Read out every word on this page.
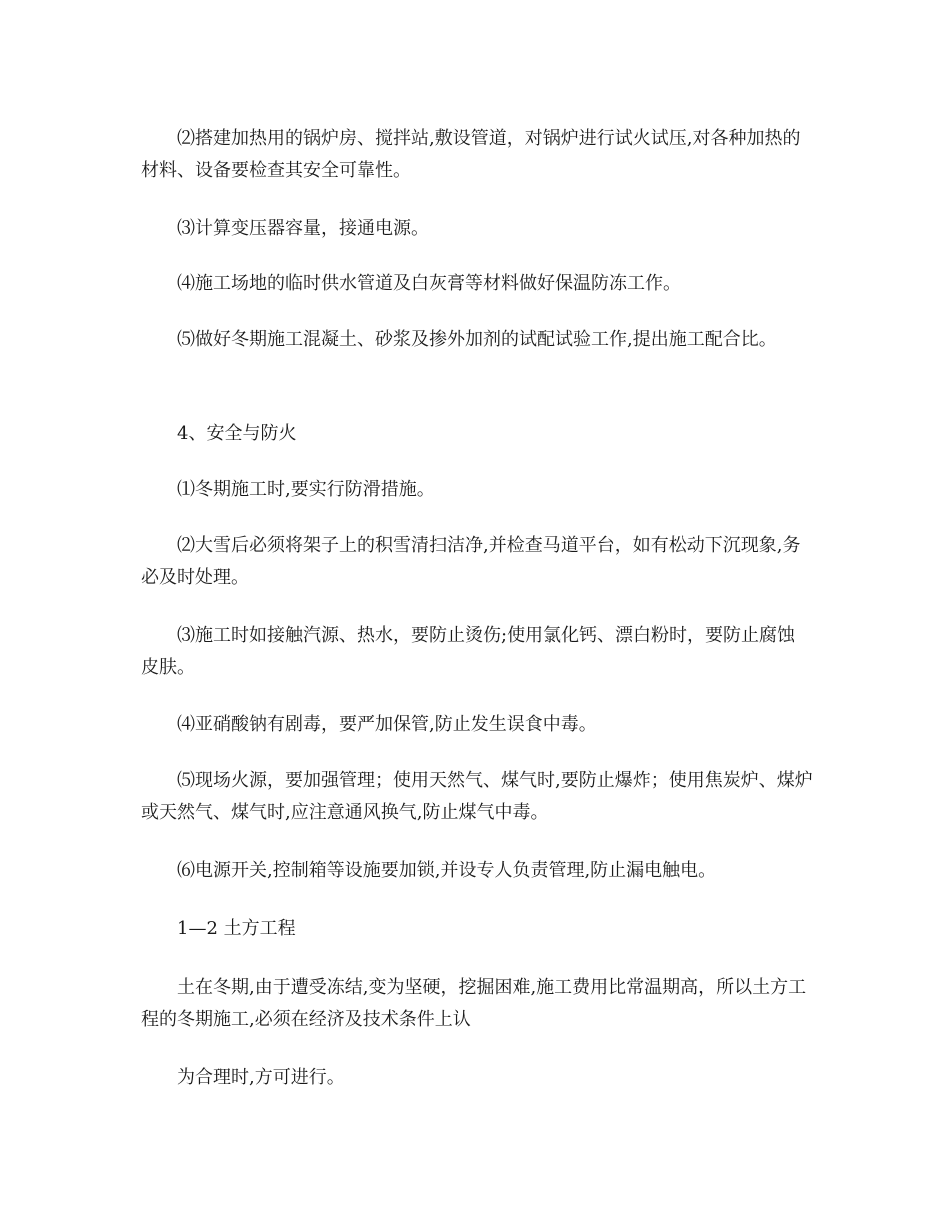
⑵搭建加热用的锅炉房、搅拌站,敷设管道，对锅炉进行试火试压,对各种加热的材料、设备要检查其安全可靠性。

⑶计算变压器容量，接通电源。

⑷施工场地的临时供水管道及白灰膏等材料做好保温防冻工作。

⑸做好冬期施工混凝土、砂浆及掺外加剂的试配试验工作,提出施工配合比。

4、安全与防火

⑴冬期施工时,要实行防滑措施。

⑵大雪后必须将架子上的积雪清扫洁净,并检查马道平台，如有松动下沉现象,务必及时处理。

⑶施工时如接触汽源、热水，要防止烫伤;使用氯化钙、漂白粉时，要防止腐蚀皮肤。

⑷亚硝酸钠有剧毒，要严加保管,防止发生误食中毒。

⑸现场火源，要加强管理；使用天然气、煤气时,要防止爆炸；使用焦炭炉、煤炉或天然气、煤气时,应注意通风换气,防止煤气中毒。

⑹电源开关,控制箱等设施要加锁,并设专人负责管理,防止漏电触电。

1—2 土方工程

土在冬期,由于遭受冻结,变为坚硬，挖掘困难,施工费用比常温期高，所以土方工程的冬期施工,必须在经济及技术条件上认

为合理时,方可进行。
